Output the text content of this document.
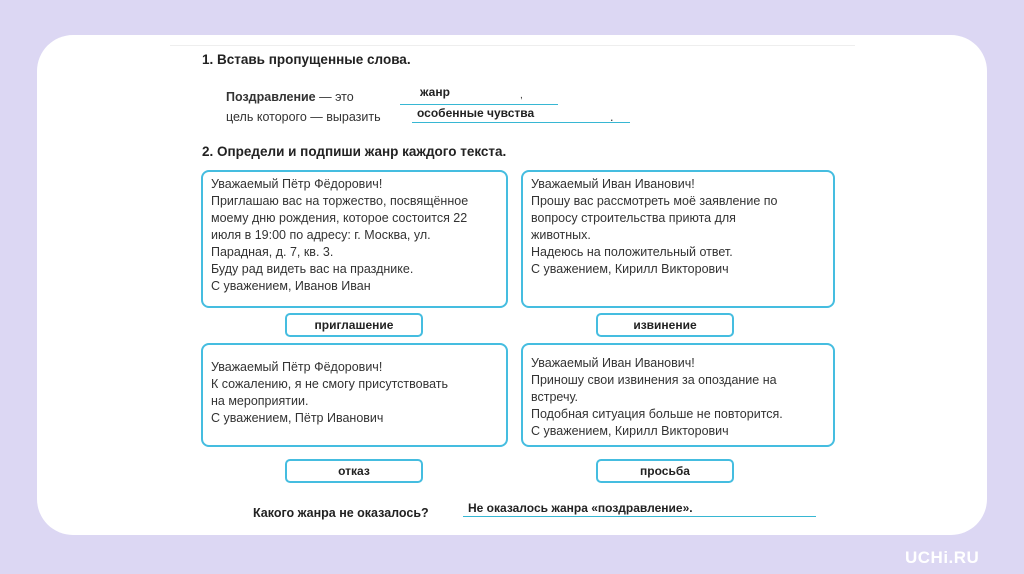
1. Вставь пропущенные слова.
Поздравление — это	жанр	,
цель которого — выразить	особенные чувства	.
2. Определи и подпиши жанр каждого текста.
Уважаемый Пётр Фёдорович!
Приглашаю вас на торжество, посвящённое
моему дню рождения, которое состоится 22
июля в 19:00 по адресу: г. Москва, ул.
Парадная, д. 7, кв. 3.
Буду рад видеть вас на празднике.
С уважением, Иванов Иван
Уважаемый Иван Иванович!
Прошу вас рассмотреть моё заявление по
вопросу строительства приюта для
животных.
Надеюсь на положительный ответ.
С уважением, Кирилл Викторович
приглашение	извинение
Уважаемый Пётр Фёдорович!
К сожалению, я не смогу присутствовать
на мероприятии.
С уважением, Пётр Иванович
Уважаемый Иван Иванович!
Приношу свои извинения за опоздание на
встречу.
Подобная ситуация больше не повторится.
С уважением, Кирилл Викторович
отказ	просьба
Какого жанра не оказалось?	Не оказалось жанра «поздравление».
UCHi.RU
